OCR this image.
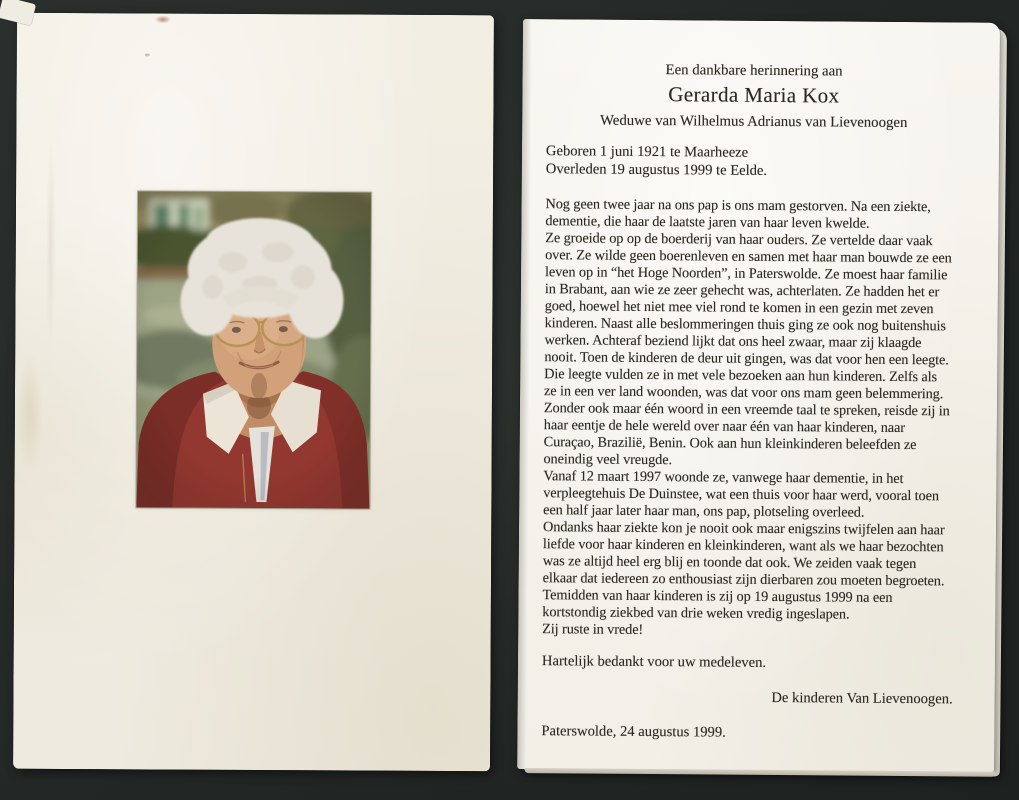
Een dankbare herinnering aan
Gerarda Maria Kox
Weduwe van Wilhelmus Adrianus van Lievenoogen
Geboren 1 juni 1921 te Maarheeze
Overleden 19 augustus 1999 te Eelde.
Nog geen twee jaar na ons pap is ons mam gestorven. Na een ziekte,
dementie, die haar de laatste jaren van haar leven kwelde.
Ze groeide op op de boerderij van haar ouders. Ze vertelde daar vaak
over. Ze wilde geen boerenleven en samen met haar man bouwde ze een
leven op in “het Hoge Noorden”, in Paterswolde. Ze moest haar familie
in Brabant, aan wie ze zeer gehecht was, achterlaten. Ze hadden het er
goed, hoewel het niet mee viel rond te komen in een gezin met zeven
kinderen. Naast alle beslommeringen thuis ging ze ook nog buitenshuis
werken. Achteraf beziend lijkt dat ons heel zwaar, maar zij klaagde
nooit. Toen de kinderen de deur uit gingen, was dat voor hen een leegte.
Die leegte vulden ze in met vele bezoeken aan hun kinderen. Zelfs als
ze in een ver land woonden, was dat voor ons mam geen belemmering.
Zonder ook maar één woord in een vreemde taal te spreken, reisde zij in
haar eentje de hele wereld over naar één van haar kinderen, naar
Curaçao, Brazilië, Benin. Ook aan hun kleinkinderen beleefden ze
oneindig veel vreugde.
Vanaf 12 maart 1997 woonde ze, vanwege haar dementie, in het
verpleegtehuis De Duinstee, wat een thuis voor haar werd, vooral toen
een half jaar later haar man, ons pap, plotseling overleed.
Ondanks haar ziekte kon je nooit ook maar enigszins twijfelen aan haar
liefde voor haar kinderen en kleinkinderen, want als we haar bezochten
was ze altijd heel erg blij en toonde dat ook. We zeiden vaak tegen
elkaar dat iedereen zo enthousiast zijn dierbaren zou moeten begroeten.
Temidden van haar kinderen is zij op 19 augustus 1999 na een
kortstondig ziekbed van drie weken vredig ingeslapen.
Zij ruste in vrede!
Hartelijk bedankt voor uw medeleven.
De kinderen Van Lievenoogen.
Paterswolde, 24 augustus 1999.
